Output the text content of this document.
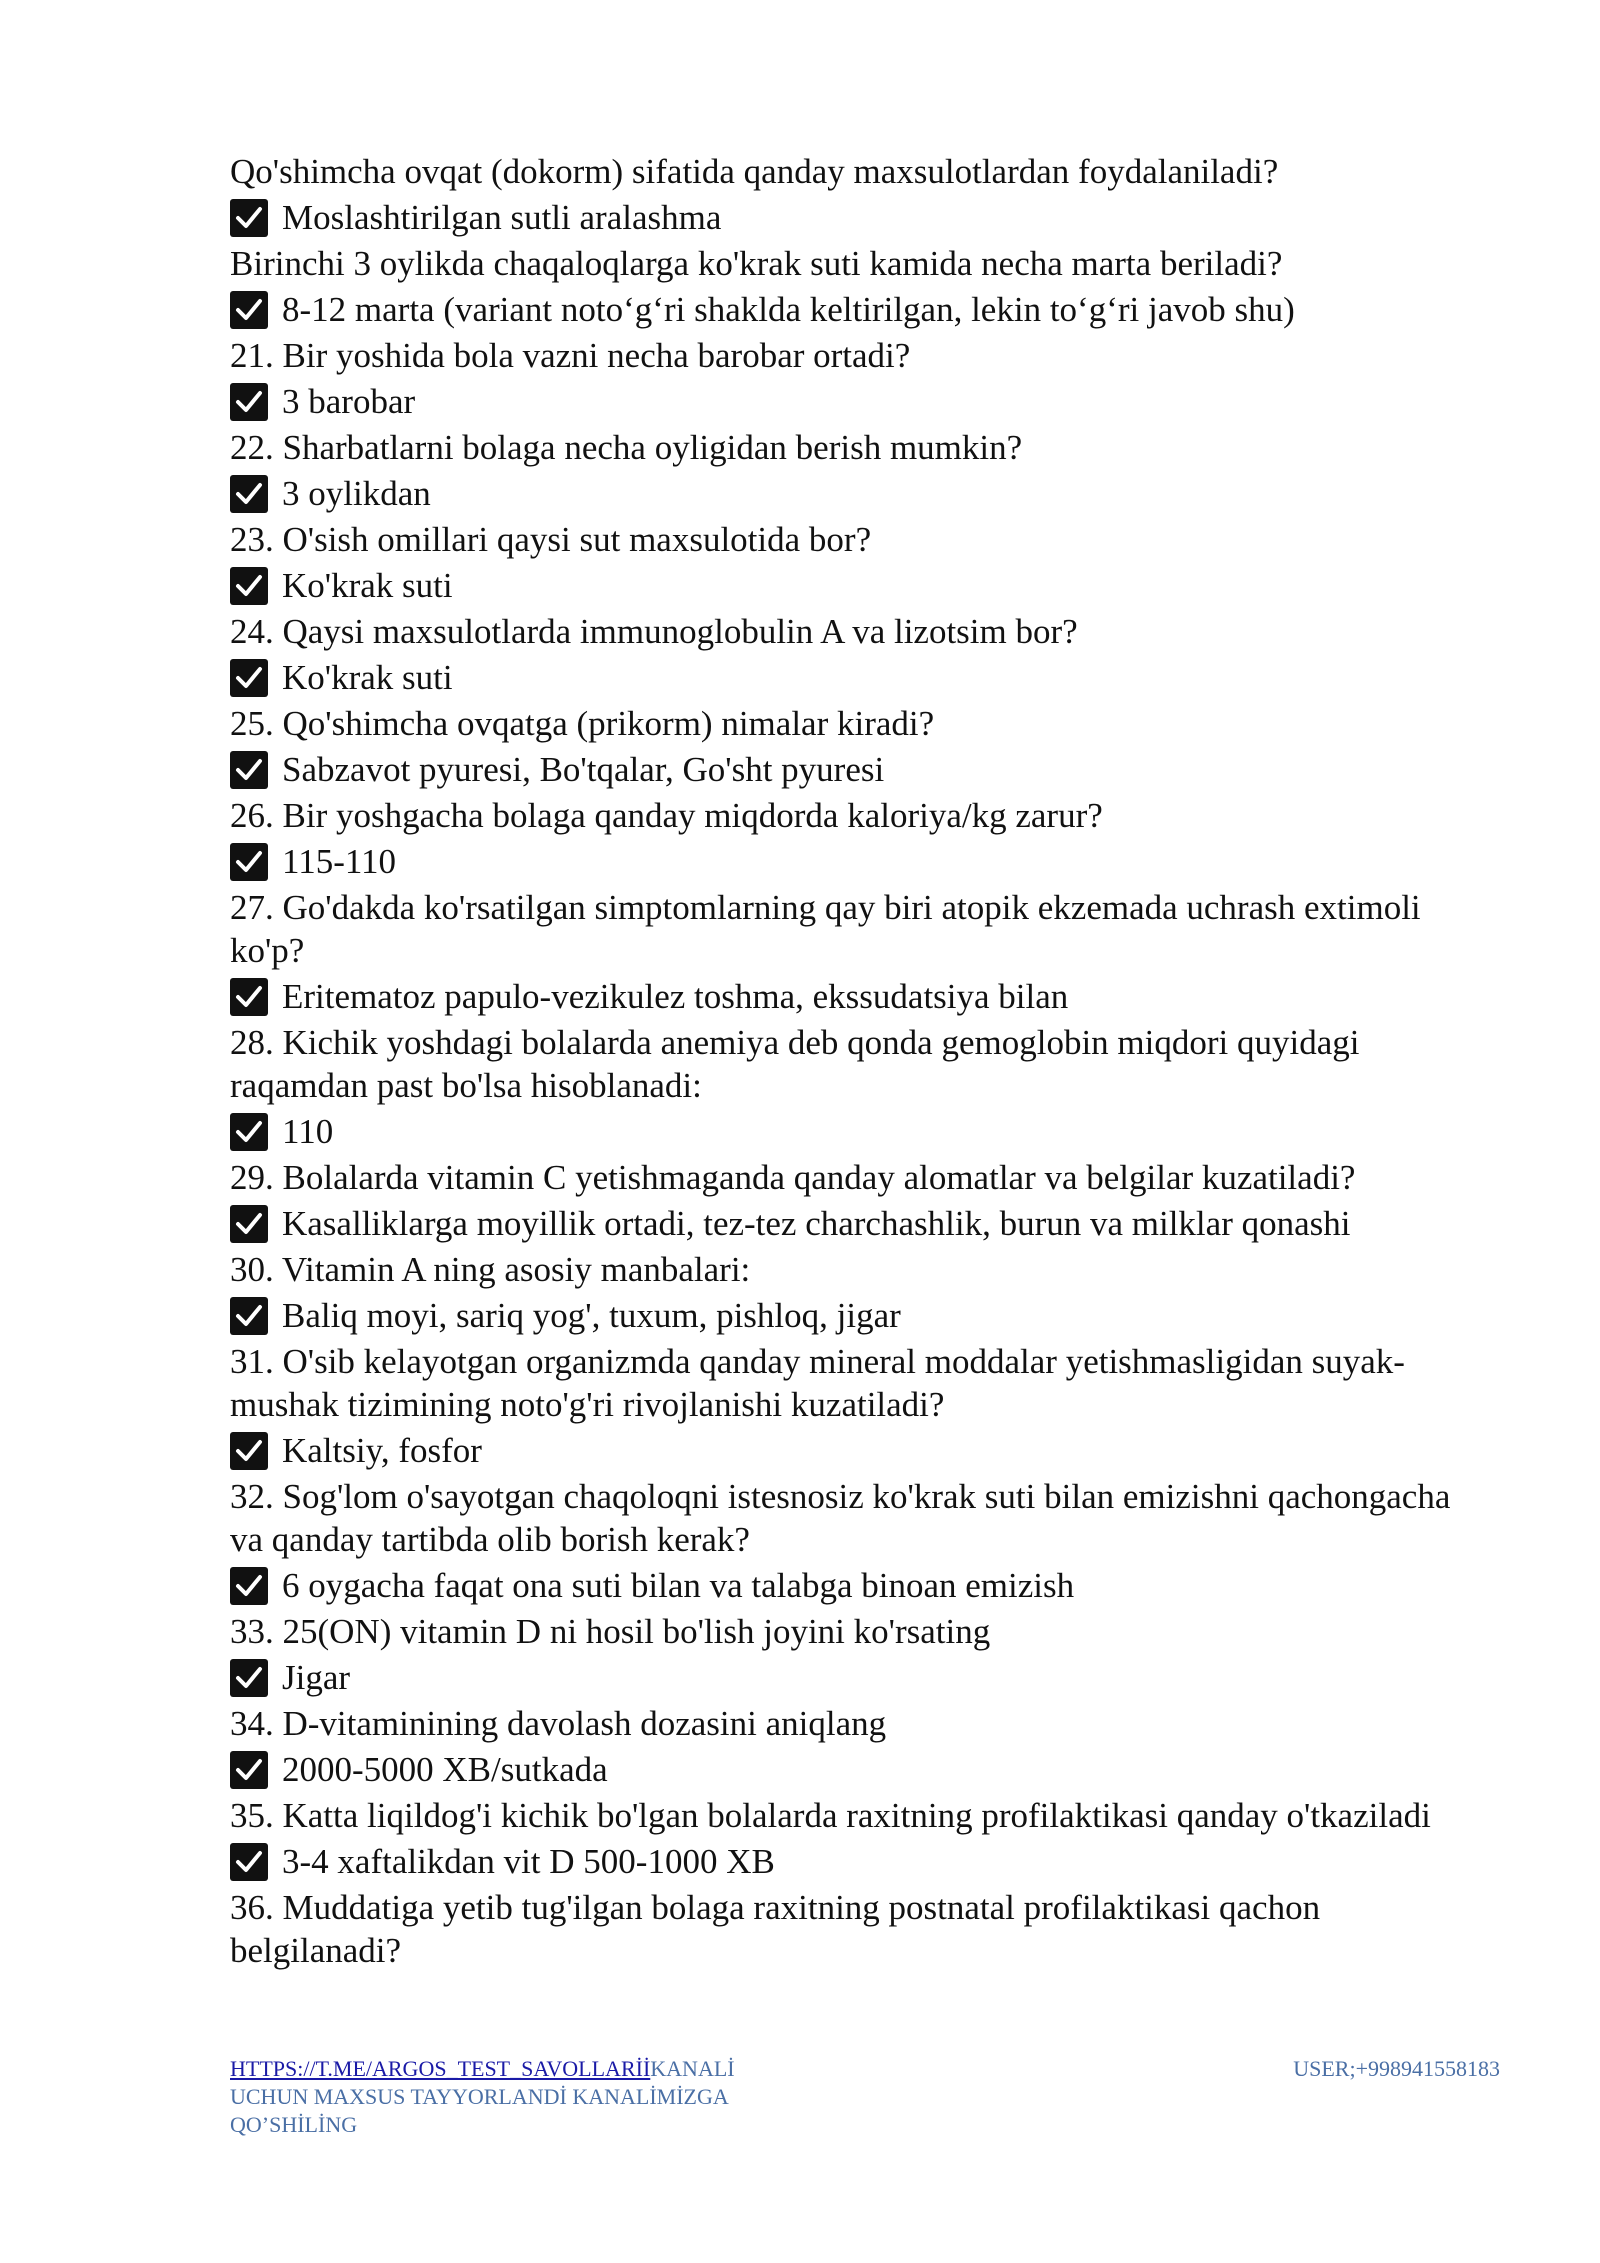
Qo'shimcha ovqat (dokorm) sifatida qanday maxsulotlardan foydalaniladi?

Moslashtirilgan sutli aralashma

Birinchi 3 oylikda chaqaloqlarga ko'krak suti kamida necha marta beriladi?

8-12 marta (variant noto‘g‘ri shaklda keltirilgan, lekin to‘g‘ri javob shu)

21. Bir yoshida bola vazni necha barobar ortadi?

3 barobar

22. Sharbatlarni bolaga necha oyligidan berish mumkin?

3 oylikdan

23. O'sish omillari qaysi sut maxsulotida bor?

Ko'krak suti

24. Qaysi maxsulotlarda immunoglobulin A va lizotsim bor?

Ko'krak suti

25. Qo'shimcha ovqatga (prikorm) nimalar kiradi?

Sabzavot pyuresi, Bo'tqalar, Go'sht pyuresi

26. Bir yoshgacha bolaga qanday miqdorda kaloriya/kg zarur?

115-110

27. Go'dakda ko'rsatilgan simptomlarning qay biri atopik ekzemada uchrash extimoli ko'p?

Eritematoz papulo-vezikulez toshma, ekssudatsiya bilan

28. Kichik yoshdagi bolalarda anemiya deb qonda gemoglobin miqdori quyidagi raqamdan past bo'lsa hisoblanadi:

110

29. Bolalarda vitamin C yetishmaganda qanday alomatlar va belgilar kuzatiladi?

Kasalliklarga moyillik ortadi, tez-tez charchashlik, burun va milklar qonashi

30. Vitamin A ning asosiy manbalari:

Baliq moyi, sariq yog', tuxum, pishloq, jigar

31. O'sib kelayotgan organizmda qanday mineral moddalar yetishmasligidan suyak-mushak tizimining noto'g'ri rivojlanishi kuzatiladi?

Kaltsiy, fosfor

32. Sog'lom o'sayotgan chaqoloqni istesnosiz ko'krak suti bilan emizishni qachongacha va qanday tartibda olib borish kerak?

6 oygacha faqat ona suti bilan va talabga binoan emizish

33. 25(ON) vitamin D ni hosil bo'lish joyini ko'rsating

Jigar

34. D-vitaminining davolash dozasini aniqlang

2000-5000 XB/sutkada

35. Katta liqildog'i kichik bo'lgan bolalarda raxitning profilaktikasi qanday o'tkaziladi

3-4 xaftalikdan vit D 500-1000 XB

36. Muddatiga yetib tug'ilgan bolaga raxitning postnatal profilaktikasi qachon belgilanadi?

HTTPS://T.ME/ARGOS_TEST_SAVOLLARİİKANALİ
UCHUN MAXSUS TAYYORLANDİ KANALİMİZGA
QO’SHİLİNG
USER;+998941558183
